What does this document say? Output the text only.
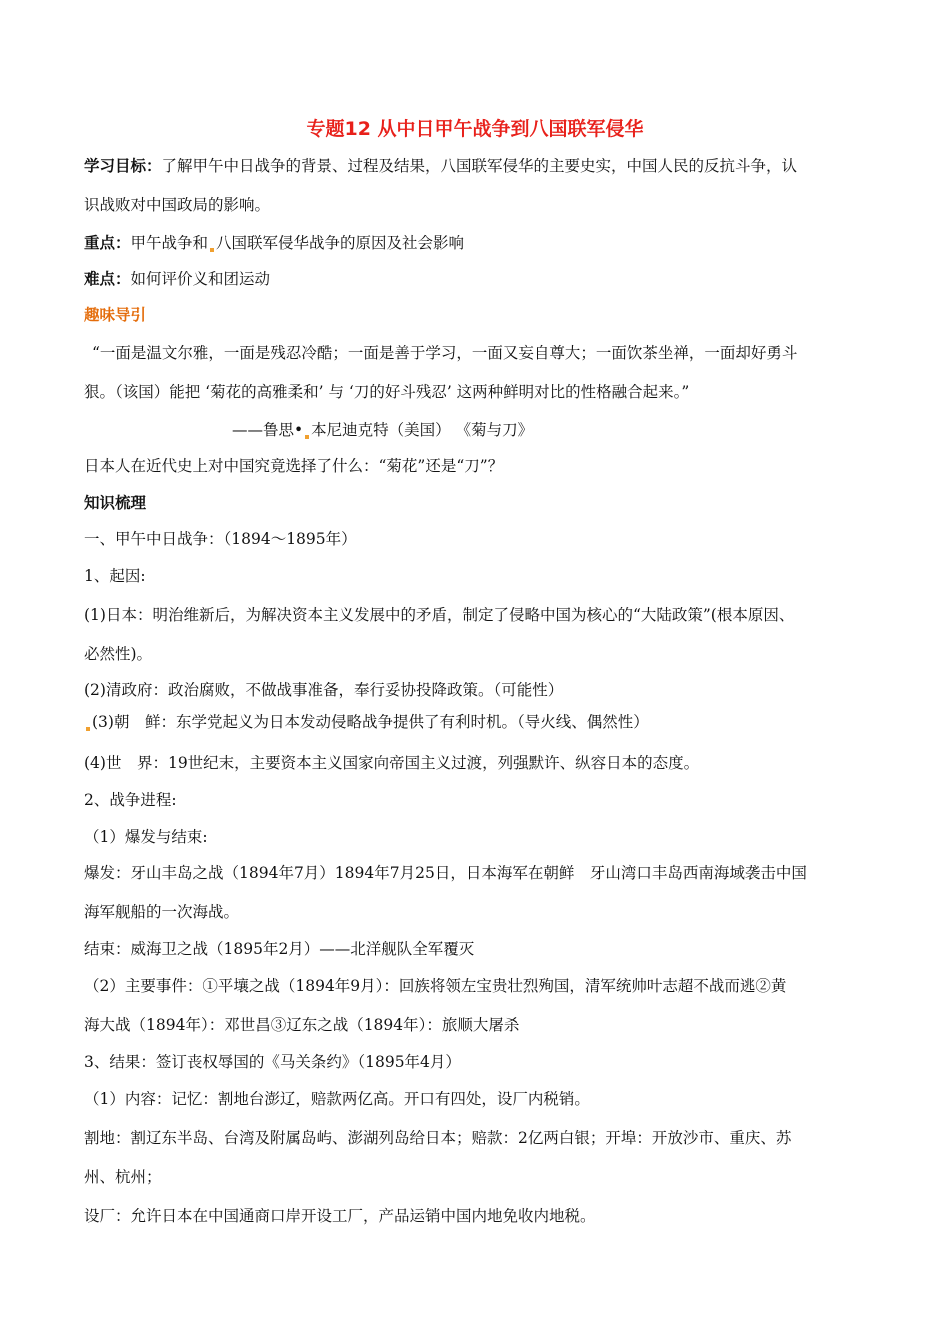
专题12 从中日甲午战争到八国联军侵华
学习目标：了解甲午中日战争的背景、过程及结果，八国联军侵华的主要史实，中国人民的反抗斗争，认
识战败对中国政局的影响。
重点：甲午战争和 八国联军侵华战争的原因及社会影响
难点：如何评价义和团运动
趣味导引
“一面是温文尔雅，一面是残忍冷酷；一面是善于学习，一面又妄自尊大；一面饮茶坐禅，一面却好勇斗
狠。（该国）能把 ‘菊花的高雅柔和’ 与 ‘刀的好斗残忍’ 这两种鲜明对比的性格融合起来。”
——鲁思• 本尼迪克特（美国） 《菊与刀》
日本人在近代史上对中国究竟选择了什么：“菊花”还是“刀”？
知识梳理
一、甲午中日战争：（1894～1895年）
1、起因:
(1)日本：明治维新后，为解决资本主义发展中的矛盾，制定了侵略中国为核心的“大陆政策”(根本原因、
必然性)。
(2)清政府：政治腐败，不做战事准备，奉行妥协投降政策。（可能性）
(3)朝　鲜：东学党起义为日本发动侵略战争提供了有利时机。（导火线、偶然性）
(4)世　界：19世纪末，主要资本主义国家向帝国主义过渡，列强默许、纵容日本的态度。
2、战争进程:
（1）爆发与结束:
爆发：牙山丰岛之战（1894年7月）1894年7月25日，日本海军在朝鲜　牙山湾口丰岛西南海域袭击中国
海军舰船的一次海战。
结束：威海卫之战（1895年2月）——北洋舰队全军覆灭
（2）主要事件：①平壤之战（1894年9月）：回族将领左宝贵壮烈殉国，清军统帅叶志超不战而逃②黄
海大战（1894年）：邓世昌③辽东之战（1894年）：旅顺大屠杀
3、结果：签订丧权辱国的《马关条约》（1895年4月）
（1）内容：记忆：割地台澎辽，赔款两亿高。开口有四处，设厂内税销。
割地：割辽东半岛、台湾及附属岛屿、澎湖列岛给日本；赔款：2亿两白银；开埠：开放沙市、重庆、苏
州、杭州；
设厂：允许日本在中国通商口岸开设工厂，产品运销中国内地免收内地税。
